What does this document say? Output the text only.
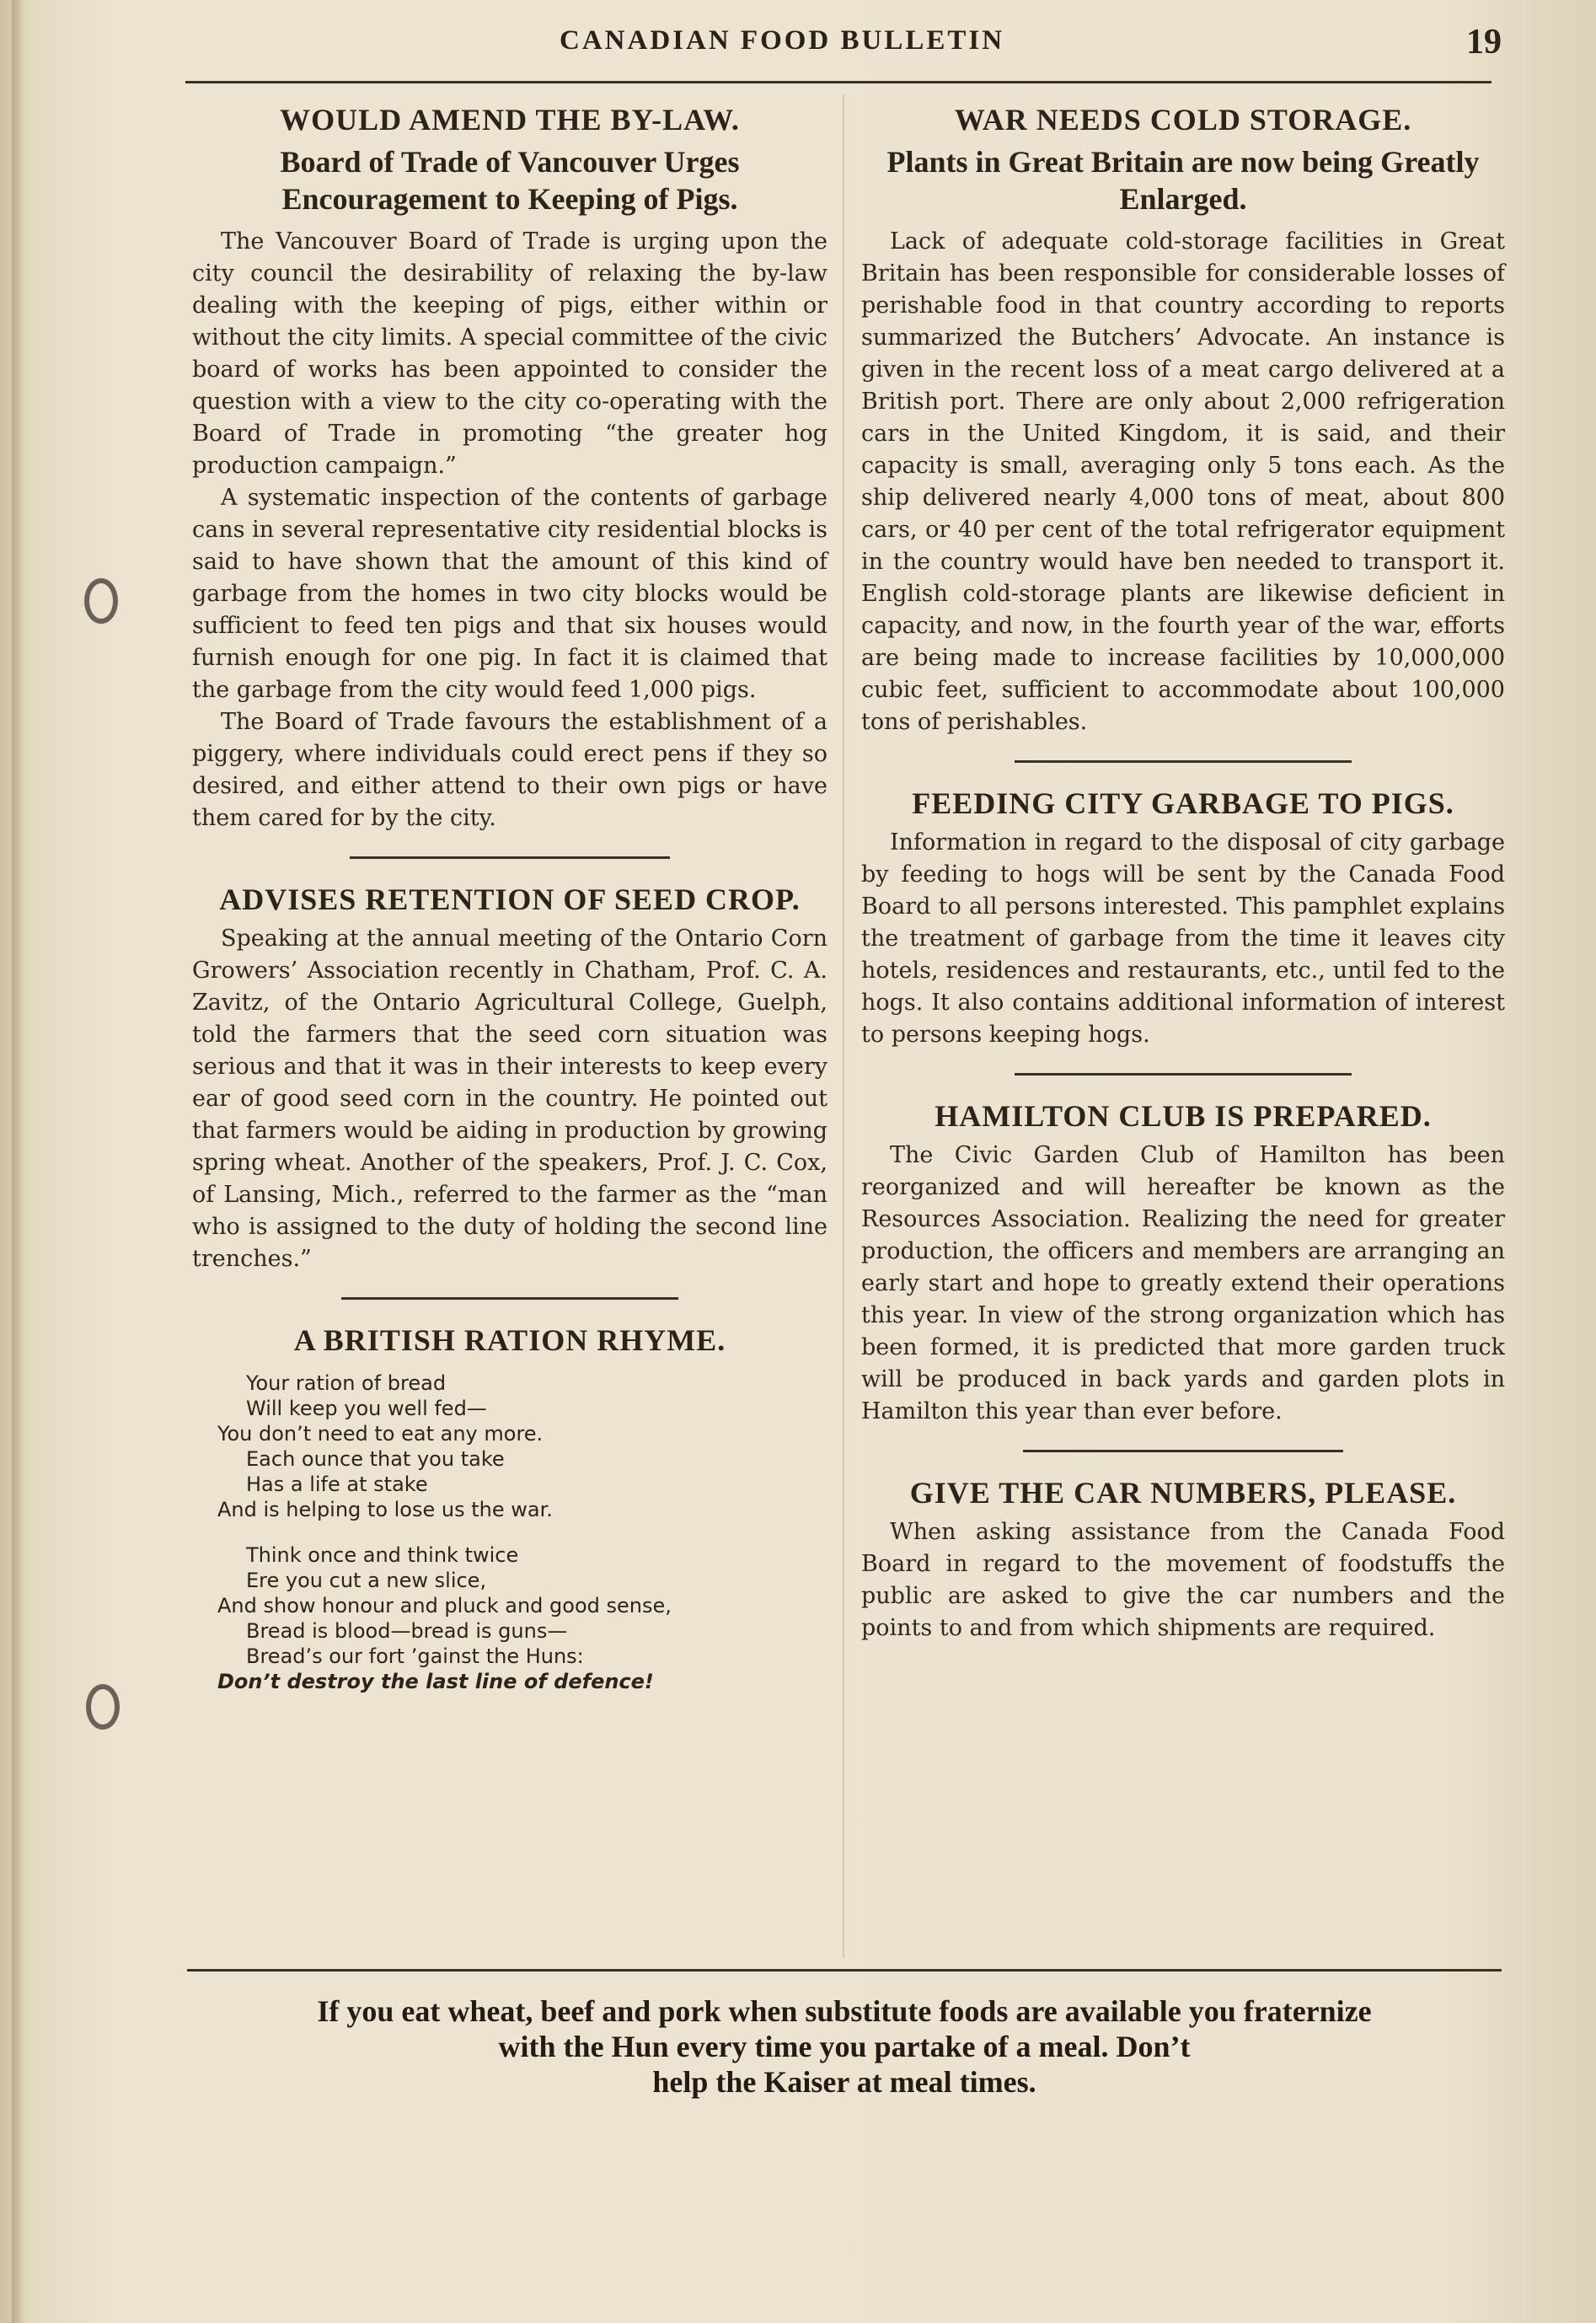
CANADIAN FOOD BULLETIN	19
WOULD AMEND THE BY-LAW.
Board of Trade of Vancouver Urges Encouragement to Keeping of Pigs.

The Vancouver Board of Trade is urging upon the city council the desirability of relaxing the by-law dealing with the keeping of pigs, either within or without the city limits. A special committee of the civic board of works has been appointed to consider the question with a view to the city co-operating with the Board of Trade in promoting “the greater hog production campaign.”

A systematic inspection of the contents of garbage cans in several representative city residential blocks is said to have shown that the amount of this kind of garbage from the homes in two city blocks would be sufficient to feed ten pigs and that six houses would furnish enough for one pig. In fact it is claimed that the garbage from the city would feed 1,000 pigs.

The Board of Trade favours the establishment of a piggery, where individuals could erect pens if they so desired, and either attend to their own pigs or have them cared for by the city.

ADVISES RETENTION OF SEED CROP.

Speaking at the annual meeting of the Ontario Corn Growers’ Association recently in Chatham, Prof. C. A. Zavitz, of the Ontario Agricultural College, Guelph, told the farmers that the seed corn situation was serious and that it was in their interests to keep every ear of good seed corn in the country. He pointed out that farmers would be aiding in production by growing spring wheat. Another of the speakers, Prof. J. C. Cox, of Lansing, Mich., referred to the farmer as the “man who is assigned to the duty of holding the second line trenches.”

A BRITISH RATION RHYME.
Your ration of bread
Will keep you well fed—
You don’t need to eat any more.
Each ounce that you take
Has a life at stake
And is helping to lose us the war.
Think once and think twice
Ere you cut a new slice,
And show honour and pluck and good sense,
Bread is blood—bread is guns—
Bread’s our fort ’gainst the Huns:
Don’t destroy the last line of defence!
WAR NEEDS COLD STORAGE.
Plants in Great Britain are now being Greatly Enlarged.

Lack of adequate cold-storage facilities in Great Britain has been responsible for considerable losses of perishable food in that country according to reports summarized the Butchers’ Advocate. An instance is given in the recent loss of a meat cargo delivered at a British port. There are only about 2,000 refrigeration cars in the United Kingdom, it is said, and their capacity is small, averaging only 5 tons each. As the ship delivered nearly 4,000 tons of meat, about 800 cars, or 40 per cent of the total refrigerator equipment in the country would have ben needed to transport it. English cold-storage plants are likewise deficient in capacity, and now, in the fourth year of the war, efforts are being made to increase facilities by 10,000,000 cubic feet, sufficient to accommodate about 100,000 tons of perishables.

FEEDING CITY GARBAGE TO PIGS.

Information in regard to the disposal of city garbage by feeding to hogs will be sent by the Canada Food Board to all persons interested. This pamphlet explains the treatment of garbage from the time it leaves city hotels, residences and restaurants, etc., until fed to the hogs. It also contains additional information of interest to persons keeping hogs.

HAMILTON CLUB IS PREPARED.

The Civic Garden Club of Hamilton has been reorganized and will hereafter be known as the Resources Association. Realizing the need for greater production, the officers and members are arranging an early start and hope to greatly extend their operations this year. In view of the strong organization which has been formed, it is predicted that more garden truck will be produced in back yards and garden plots in Hamilton this year than ever before.

GIVE THE CAR NUMBERS, PLEASE.

When asking assistance from the Canada Food Board in regard to the movement of foodstuffs the public are asked to give the car numbers and the points to and from which shipments are required.

If you eat wheat, beef and pork when substitute foods are available you fraternize
with the Hun every time you partake of a meal. Don’t
help the Kaiser at meal times.
